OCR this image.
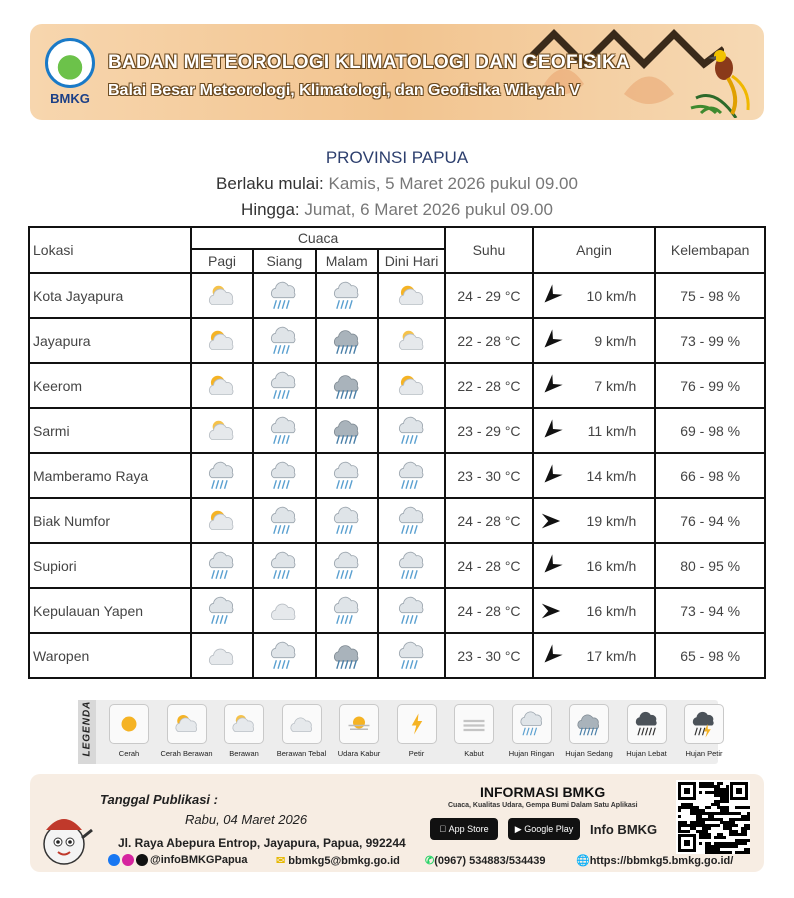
BMKG
BADAN METEOROLOGI KLIMATOLOGI DAN GEOFISIKA
Balai Besar Meteorologi, Klimatologi, dan Geofisika Wilayah V
PROVINSI PAPUA
Berlaku mulai: Kamis, 5 Maret 2026 pukul 09.00
Hingga: Jumat, 6 Maret 2026 pukul 09.00
Lokasi	Cuaca				Suhu	Angin	Kelembapan
	Pagi	Siang	Malam	Dini Hari			
Kota Jayapura					24 - 29 °C	10 km/h	75 - 98 %
Jayapura					22 - 28 °C	9 km/h	73 - 99 %
Keerom					22 - 28 °C	7 km/h	76 - 99 %
Sarmi					23 - 29 °C	11 km/h	69 - 98 %
Mamberamo Raya					23 - 30 °C	14 km/h	66 - 98 %
Biak Numfor					24 - 28 °C	19 km/h	76 - 94 %
Supiori					24 - 28 °C	16 km/h	80 - 95 %
Kepulauan Yapen					24 - 28 °C	16 km/h	73 - 94 %
Waropen					23 - 30 °C	17 km/h	65 - 98 %
LEGENDA	Cerah	Cerah Berawan	Berawan	Berawan Tebal	Udara Kabur	Petir	Kabut	Hujan Ringan	Hujan Sedang	Hujan Lebat	Hujan Petir
Tanggal Publikasi :
Rabu, 04 Maret 2026
Jl. Raya Abepura Entrop, Jayapura, Papua, 992244
@infoBMKGPapua	✉ bbmkg5@bmkg.go.id ✆(0967) 534883/534439	🌐https://bbmkg5.bmkg.go.id/
INFORMASI BMKG
Cuaca, Kualitas Udara, Gempa Bumi Dalam Satu Aplikasi
App Store	▶ Google Play Info BMKG
